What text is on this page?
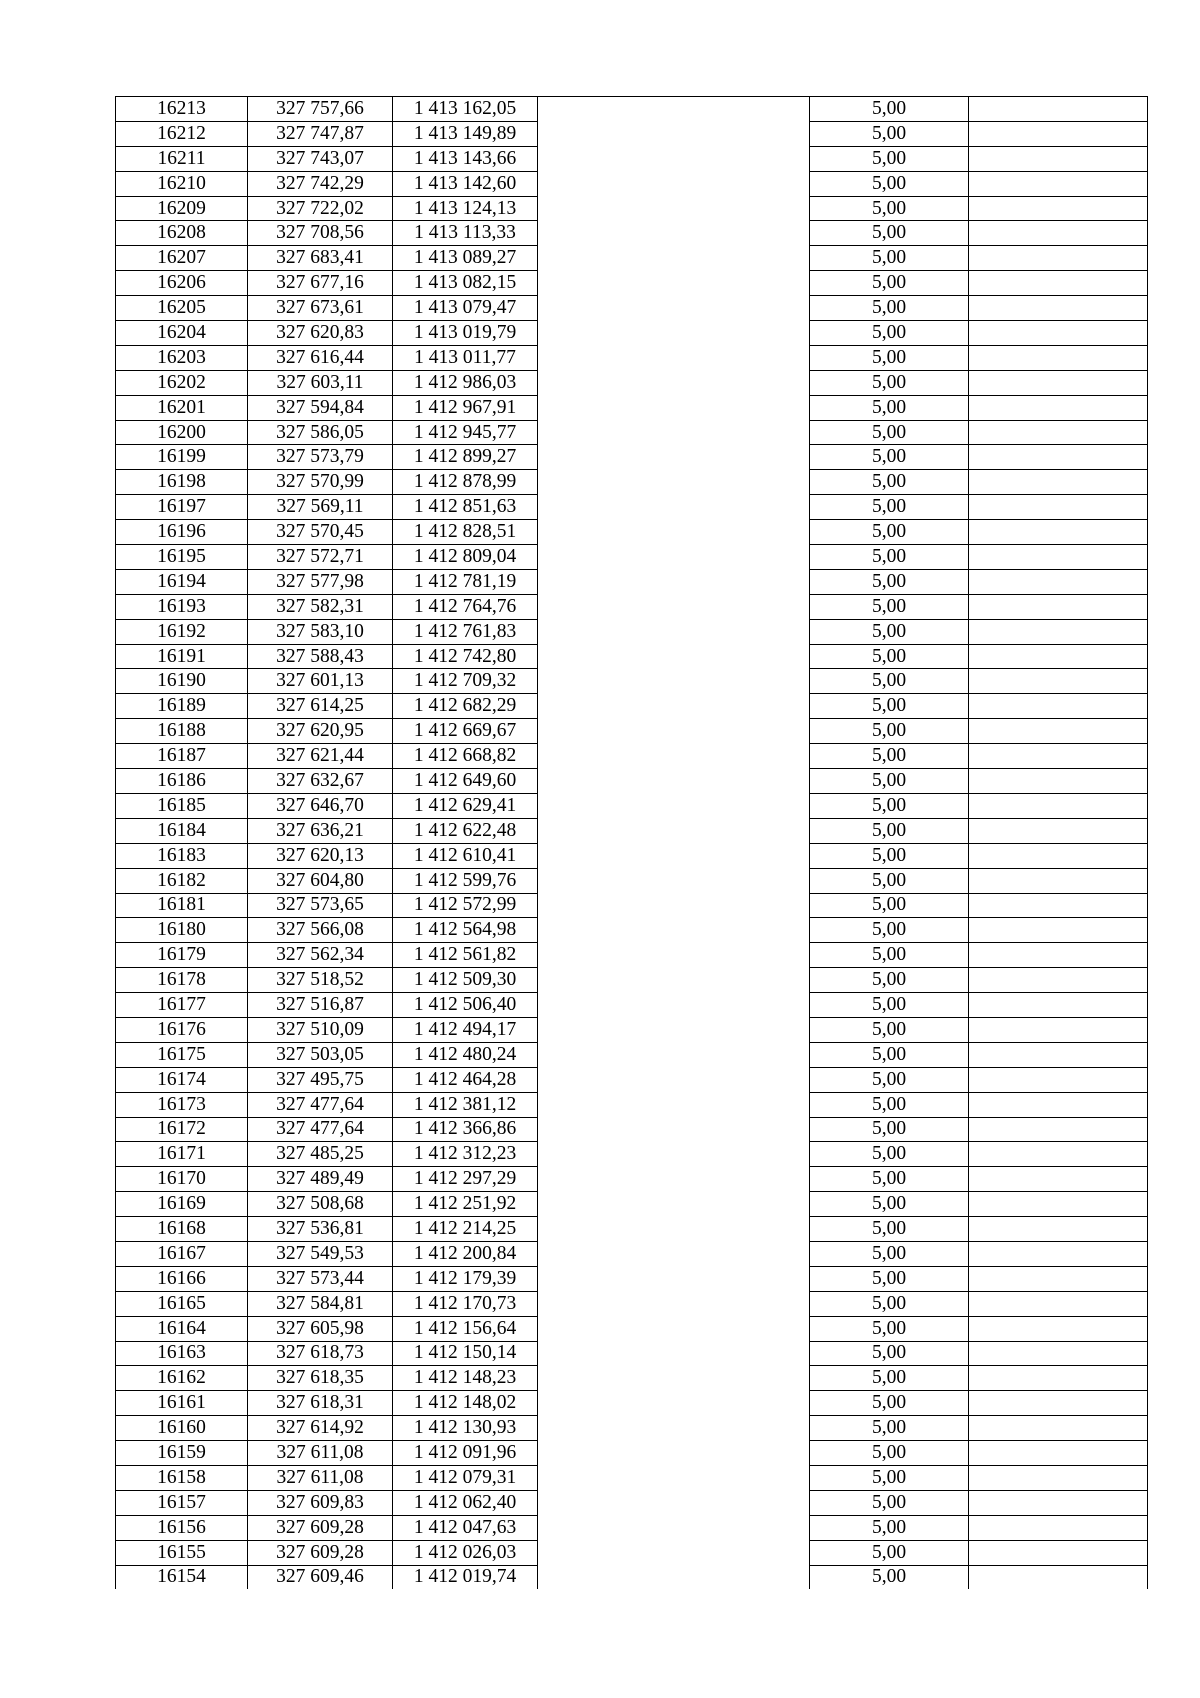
16213	327 757,66	1 413 162,05		5,00	
16212	327 747,87	1 413 149,89		5,00	
16211	327 743,07	1 413 143,66		5,00	
16210	327 742,29	1 413 142,60		5,00	
16209	327 722,02	1 413 124,13		5,00	
16208	327 708,56	1 413 113,33		5,00	
16207	327 683,41	1 413 089,27		5,00	
16206	327 677,16	1 413 082,15		5,00	
16205	327 673,61	1 413 079,47		5,00	
16204	327 620,83	1 413 019,79		5,00	
16203	327 616,44	1 413 011,77		5,00	
16202	327 603,11	1 412 986,03		5,00	
16201	327 594,84	1 412 967,91		5,00	
16200	327 586,05	1 412 945,77		5,00	
16199	327 573,79	1 412 899,27		5,00	
16198	327 570,99	1 412 878,99		5,00	
16197	327 569,11	1 412 851,63		5,00	
16196	327 570,45	1 412 828,51		5,00	
16195	327 572,71	1 412 809,04		5,00	
16194	327 577,98	1 412 781,19		5,00	
16193	327 582,31	1 412 764,76		5,00	
16192	327 583,10	1 412 761,83		5,00	
16191	327 588,43	1 412 742,80		5,00	
16190	327 601,13	1 412 709,32		5,00	
16189	327 614,25	1 412 682,29		5,00	
16188	327 620,95	1 412 669,67		5,00	
16187	327 621,44	1 412 668,82		5,00	
16186	327 632,67	1 412 649,60		5,00	
16185	327 646,70	1 412 629,41		5,00	
16184	327 636,21	1 412 622,48		5,00	
16183	327 620,13	1 412 610,41		5,00	
16182	327 604,80	1 412 599,76		5,00	
16181	327 573,65	1 412 572,99		5,00	
16180	327 566,08	1 412 564,98		5,00	
16179	327 562,34	1 412 561,82		5,00	
16178	327 518,52	1 412 509,30		5,00	
16177	327 516,87	1 412 506,40		5,00	
16176	327 510,09	1 412 494,17		5,00	
16175	327 503,05	1 412 480,24		5,00	
16174	327 495,75	1 412 464,28		5,00	
16173	327 477,64	1 412 381,12		5,00	
16172	327 477,64	1 412 366,86		5,00	
16171	327 485,25	1 412 312,23		5,00	
16170	327 489,49	1 412 297,29		5,00	
16169	327 508,68	1 412 251,92		5,00	
16168	327 536,81	1 412 214,25		5,00	
16167	327 549,53	1 412 200,84		5,00	
16166	327 573,44	1 412 179,39		5,00	
16165	327 584,81	1 412 170,73		5,00	
16164	327 605,98	1 412 156,64		5,00	
16163	327 618,73	1 412 150,14		5,00	
16162	327 618,35	1 412 148,23		5,00	
16161	327 618,31	1 412 148,02		5,00	
16160	327 614,92	1 412 130,93		5,00	
16159	327 611,08	1 412 091,96		5,00	
16158	327 611,08	1 412 079,31		5,00	
16157	327 609,83	1 412 062,40		5,00	
16156	327 609,28	1 412 047,63		5,00	
16155	327 609,28	1 412 026,03		5,00	
16154	327 609,46	1 412 019,74		5,00	
